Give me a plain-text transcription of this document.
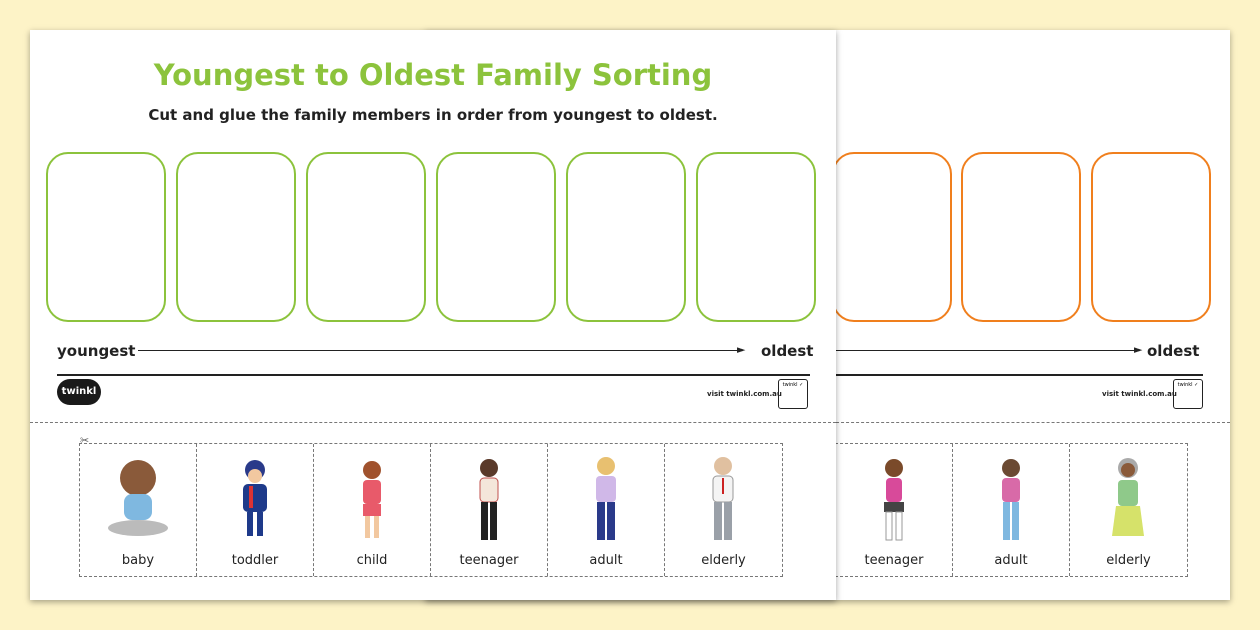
► oldest
visit twinkl.com.au
twinkl ✓
teenager	adult	elderly
Youngest to Oldest Family Sorting
Cut and glue the family members in order from youngest to oldest.
youngest	► oldest
twinkl	visit twinkl.com.au
twinkl ✓
✂
baby	toddler	child	teenager	adult	elderly
